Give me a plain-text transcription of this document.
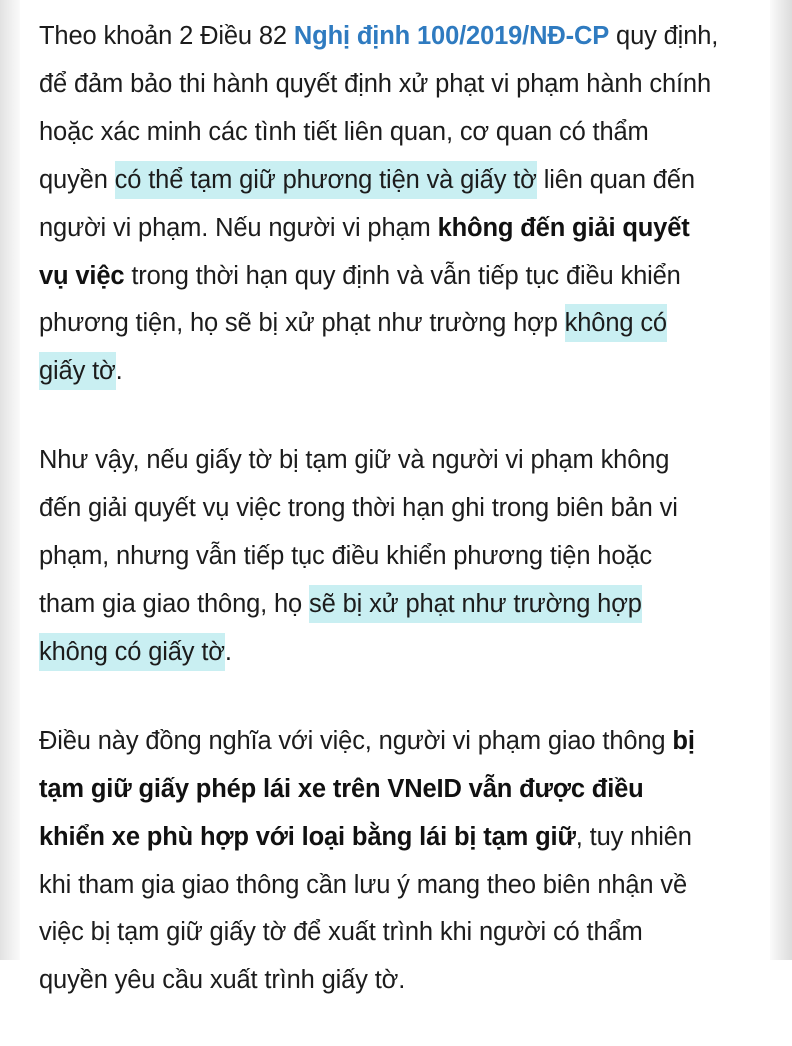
Theo khoản 2 Điều 82 Nghị định 100/2019/NĐ-CP quy định,
để đảm bảo thi hành quyết định xử phạt vi phạm hành chính
hoặc xác minh các tình tiết liên quan, cơ quan có thẩm
quyền có thể tạm giữ phương tiện và giấy tờ liên quan đến
người vi phạm. Nếu người vi phạm không đến giải quyết
vụ việc trong thời hạn quy định và vẫn tiếp tục điều khiển
phương tiện, họ sẽ bị xử phạt như trường hợp không có
giấy tờ.

Như vậy, nếu giấy tờ bị tạm giữ và người vi phạm không
đến giải quyết vụ việc trong thời hạn ghi trong biên bản vi
phạm, nhưng vẫn tiếp tục điều khiển phương tiện hoặc
tham gia giao thông, họ sẽ bị xử phạt như trường hợp
không có giấy tờ.

Điều này đồng nghĩa với việc, người vi phạm giao thông bị
tạm giữ giấy phép lái xe trên VNeID vẫn được điều
khiển xe phù hợp với loại bằng lái bị tạm giữ, tuy nhiên
khi tham gia giao thông cần lưu ý mang theo biên nhận về
việc bị tạm giữ giấy tờ để xuất trình khi người có thẩm
quyền yêu cầu xuất trình giấy tờ.
